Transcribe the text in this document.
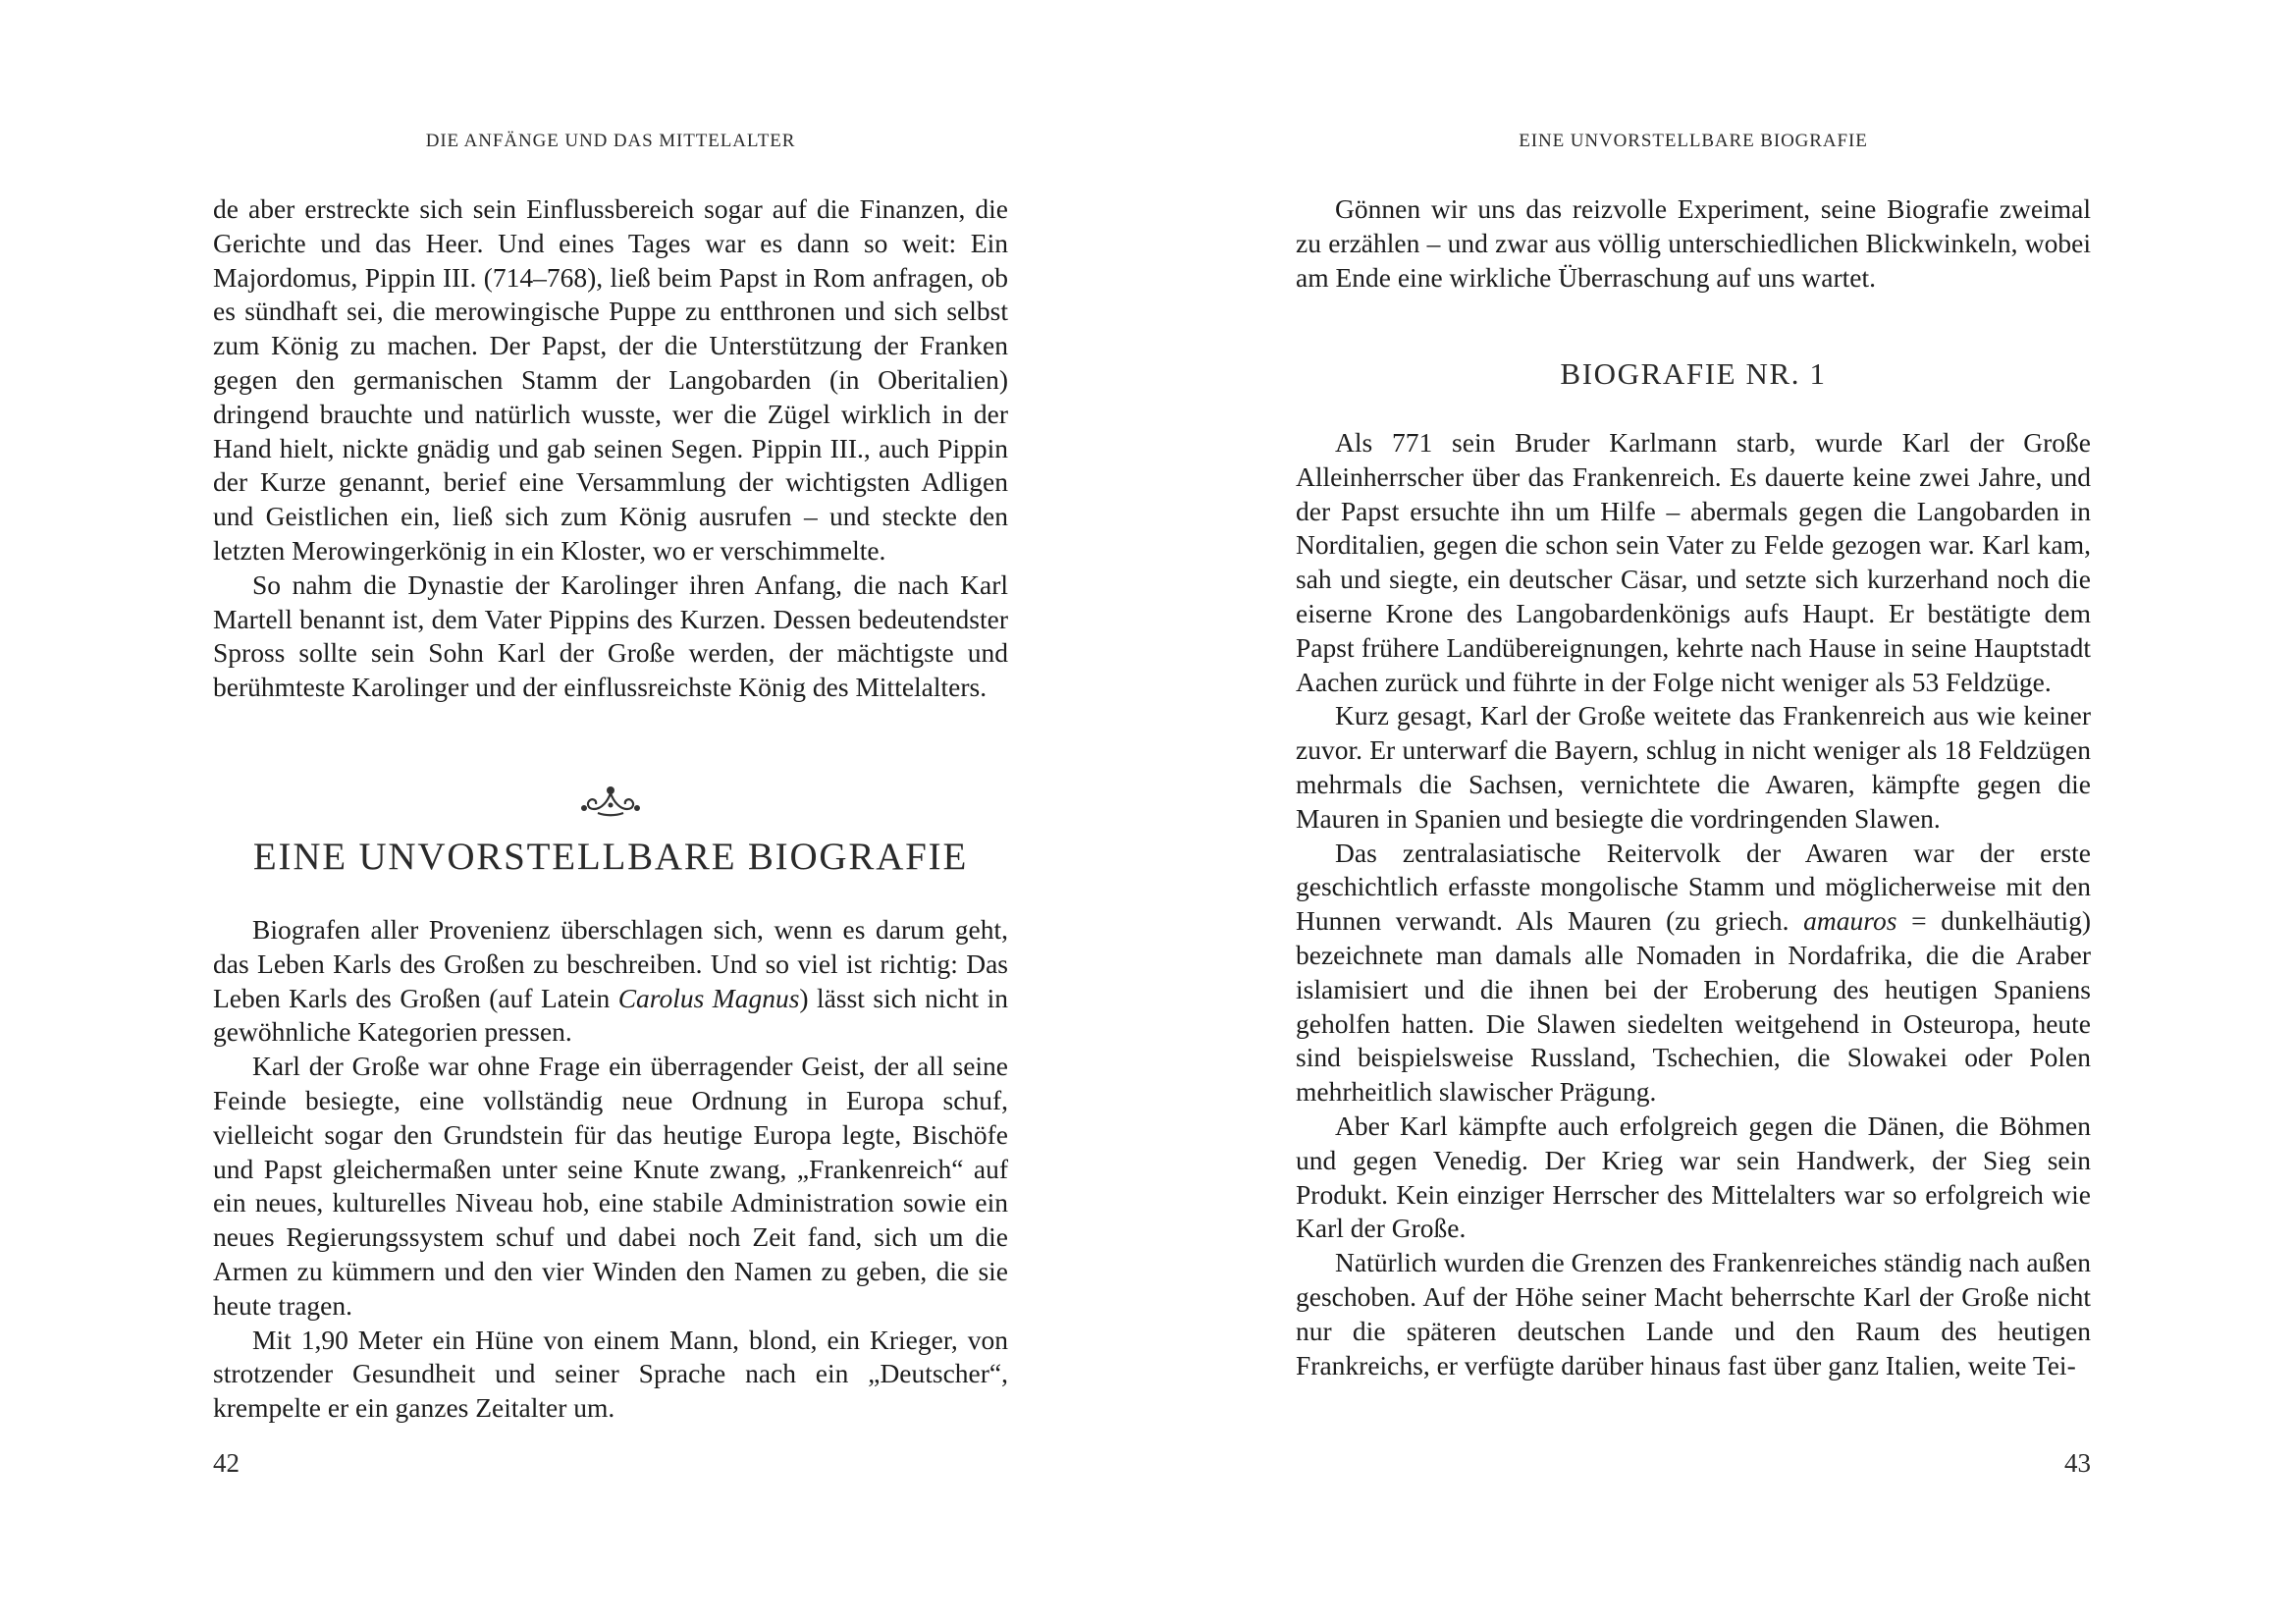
DIE ANFÄNGE UND DAS MITTELALTER

de aber erstreckte sich sein Einflussbereich sogar auf die Finanzen, die Gerichte und das Heer. Und eines Tages war es dann so weit: Ein Majordomus, Pippin III. (714–768), ließ beim Papst in Rom anfragen, ob es sündhaft sei, die merowingische Puppe zu entthronen und sich selbst zum König zu machen. Der Papst, der die Unterstützung der Franken gegen den germanischen Stamm der Langobarden (in Oberitalien) dringend brauchte und natürlich wusste, wer die Zügel wirklich in der Hand hielt, nickte gnädig und gab seinen Segen. Pippin III., auch Pippin der Kurze genannt, berief eine Versammlung der wichtigsten Adligen und Geistlichen ein, ließ sich zum König ausrufen – und steckte den letzten Merowingerkönig in ein Kloster, wo er verschimmelte.

So nahm die Dynastie der Karolinger ihren Anfang, die nach Karl Martell benannt ist, dem Vater Pippins des Kurzen. Dessen bedeutendster Spross sollte sein Sohn Karl der Große werden, der mächtigste und berühmteste Karolinger und der einflussreichste König des Mittelalters.

EINE UNVORSTELLBARE BIOGRAFIE

Biografen aller Provenienz überschlagen sich, wenn es darum geht, das Leben Karls des Großen zu beschreiben. Und so viel ist richtig: Das Leben Karls des Großen (auf Latein Carolus Magnus) lässt sich nicht in gewöhnliche Kategorien pressen.

Karl der Große war ohne Frage ein überragender Geist, der all seine Feinde besiegte, eine vollständig neue Ordnung in Europa schuf, vielleicht sogar den Grundstein für das heutige Europa legte, Bischöfe und Papst gleichermaßen unter seine Knute zwang, „Frankenreich“ auf ein neues, kulturelles Niveau hob, eine stabile Administration sowie ein neues Regierungssystem schuf und dabei noch Zeit fand, sich um die Armen zu kümmern und den vier Winden den Namen zu geben, die sie heute tragen.

Mit 1,90 Meter ein Hüne von einem Mann, blond, ein Krieger, von strotzender Gesundheit und seiner Sprache nach ein „Deutscher“, krempelte er ein ganzes Zeitalter um.

42
EINE UNVORSTELLBARE BIOGRAFIE

Gönnen wir uns das reizvolle Experiment, seine Biografie zweimal zu erzählen – und zwar aus völlig unterschiedlichen Blickwinkeln, wobei am Ende eine wirkliche Überraschung auf uns wartet.

BIOGRAFIE NR. 1

Als 771 sein Bruder Karlmann starb, wurde Karl der Große Alleinherrscher über das Frankenreich. Es dauerte keine zwei Jahre, und der Papst ersuchte ihn um Hilfe – abermals gegen die Langobarden in Norditalien, gegen die schon sein Vater zu Felde gezogen war. Karl kam, sah und siegte, ein deutscher Cäsar, und setzte sich kurzerhand noch die eiserne Krone des Langobardenkönigs aufs Haupt. Er bestätigte dem Papst frühere Landübereignungen, kehrte nach Hause in seine Hauptstadt Aachen zurück und führte in der Folge nicht weniger als 53 Feldzüge.

Kurz gesagt, Karl der Große weitete das Frankenreich aus wie keiner zuvor. Er unterwarf die Bayern, schlug in nicht weniger als 18 Feldzügen mehrmals die Sachsen, vernichtete die Awaren, kämpfte gegen die Mauren in Spanien und besiegte die vordringenden Slawen.

Das zentralasiatische Reitervolk der Awaren war der erste geschichtlich erfasste mongolische Stamm und möglicherweise mit den Hunnen verwandt. Als Mauren (zu griech. amauros = dunkelhäutig) bezeichnete man damals alle Nomaden in Nordafrika, die die Araber islamisiert und die ihnen bei der Eroberung des heutigen Spaniens geholfen hatten. Die Slawen siedelten weitgehend in Osteuropa, heute sind beispielsweise Russland, Tschechien, die Slowakei oder Polen mehrheitlich slawischer Prägung.

Aber Karl kämpfte auch erfolgreich gegen die Dänen, die Böhmen und gegen Venedig. Der Krieg war sein Handwerk, der Sieg sein Produkt. Kein einziger Herrscher des Mittelalters war so erfolgreich wie Karl der Große.

Natürlich wurden die Grenzen des Frankenreiches ständig nach außen geschoben. Auf der Höhe seiner Macht beherrschte Karl der Große nicht nur die späteren deutschen Lande und den Raum des heutigen Frankreichs, er verfügte darüber hinaus fast über ganz Italien, weite Tei-

43
